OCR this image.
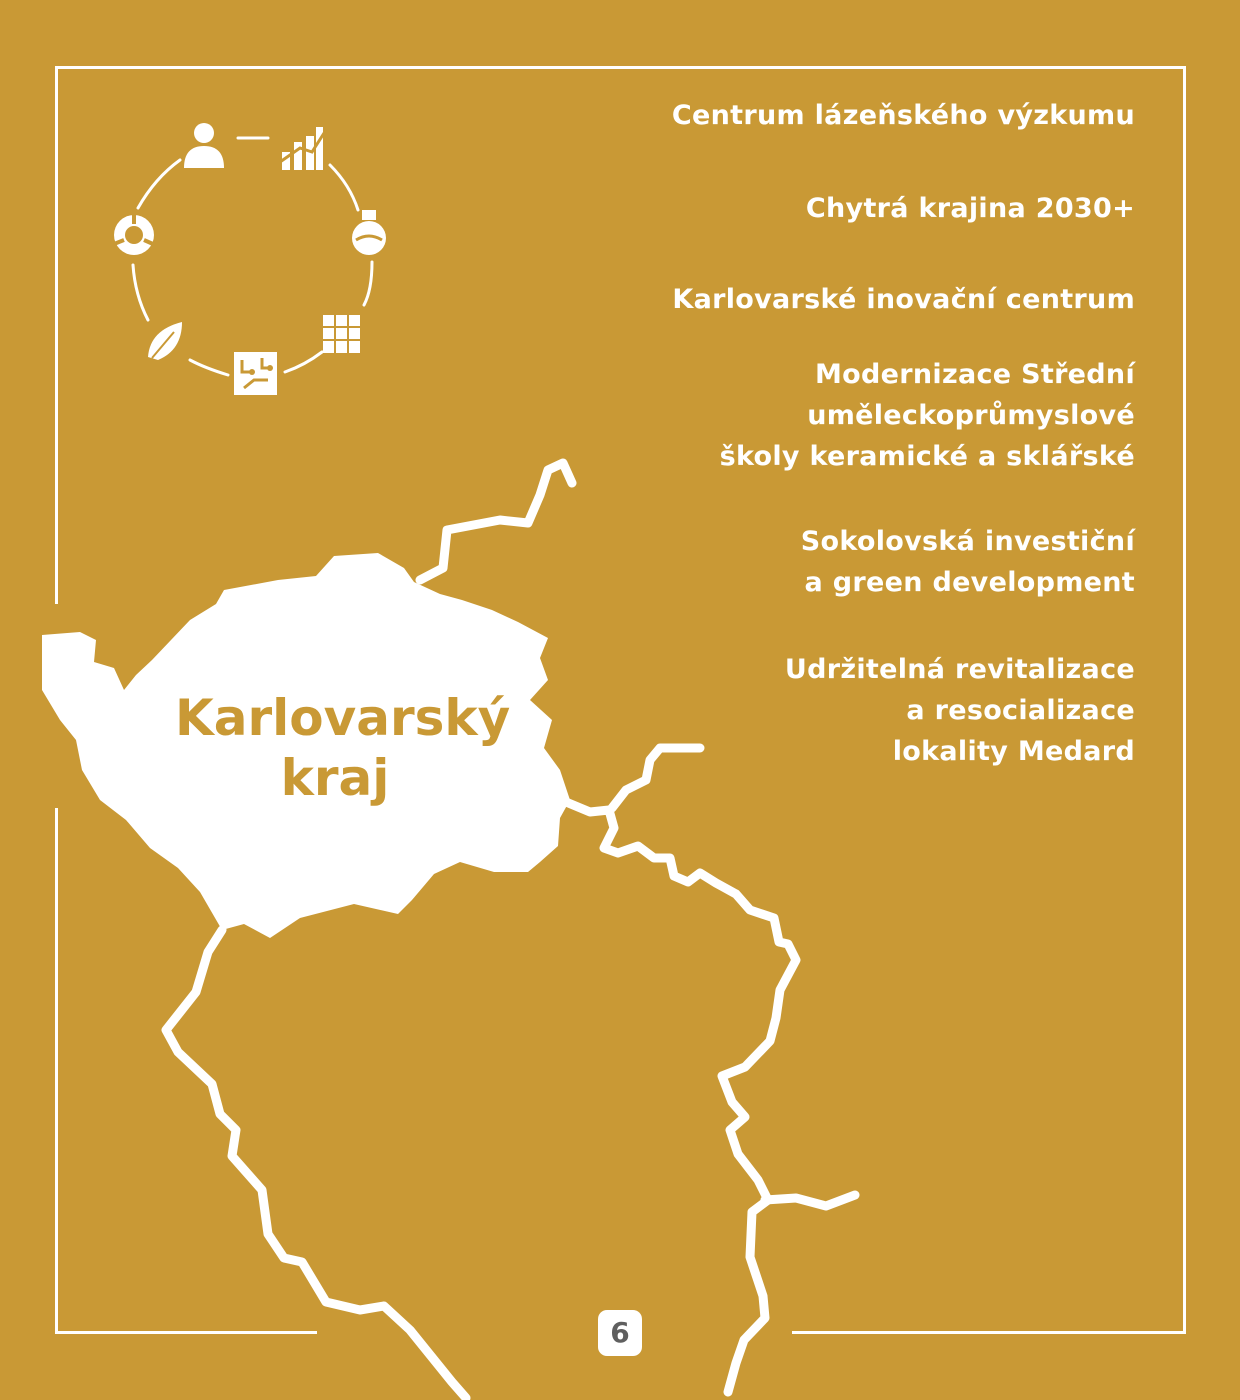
Karlovarský
kraj

Centrum lázeňského výzkumu

Chytrá krajina 2030+

Karlovarské inovační centrum

Modernizace Střední
uměleckoprůmyslové
školy keramické a sklářské

Sokolovská investiční
a green development

Udržitelná revitalizace
a resocializace
lokality Medard

6
